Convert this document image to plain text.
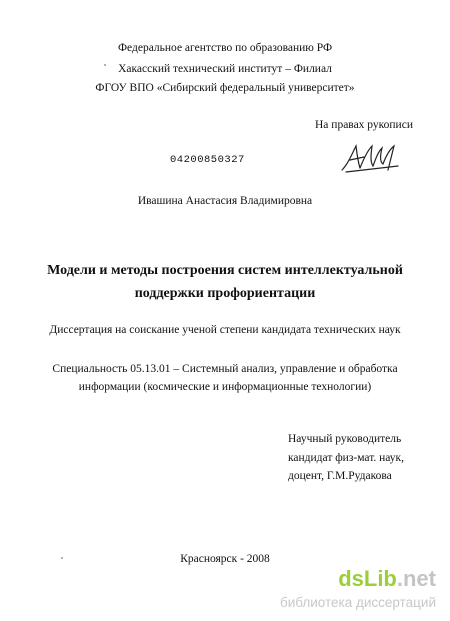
Федеральное агентство по образованию РФ
Хакасский технический институт – Филиал
ФГОУ ВПО «Сибирский федеральный университет»
На правах рукописи
04200850327
Ивашина Анастасия Владимировна
Модели и методы построения систем интеллектуальной
поддержки профориентации
Диссертация на соискание ученой степени кандидата технических наук
Специальность 05.13.01 – Системный анализ, управление и обработка
информации (космические и информационные технологии)
Научный руководитель
кандидат физ-мат. наук,
доцент, Г.М.Рудакова
Красноярск - 2008
dsLib.net
библиотека диссертаций
